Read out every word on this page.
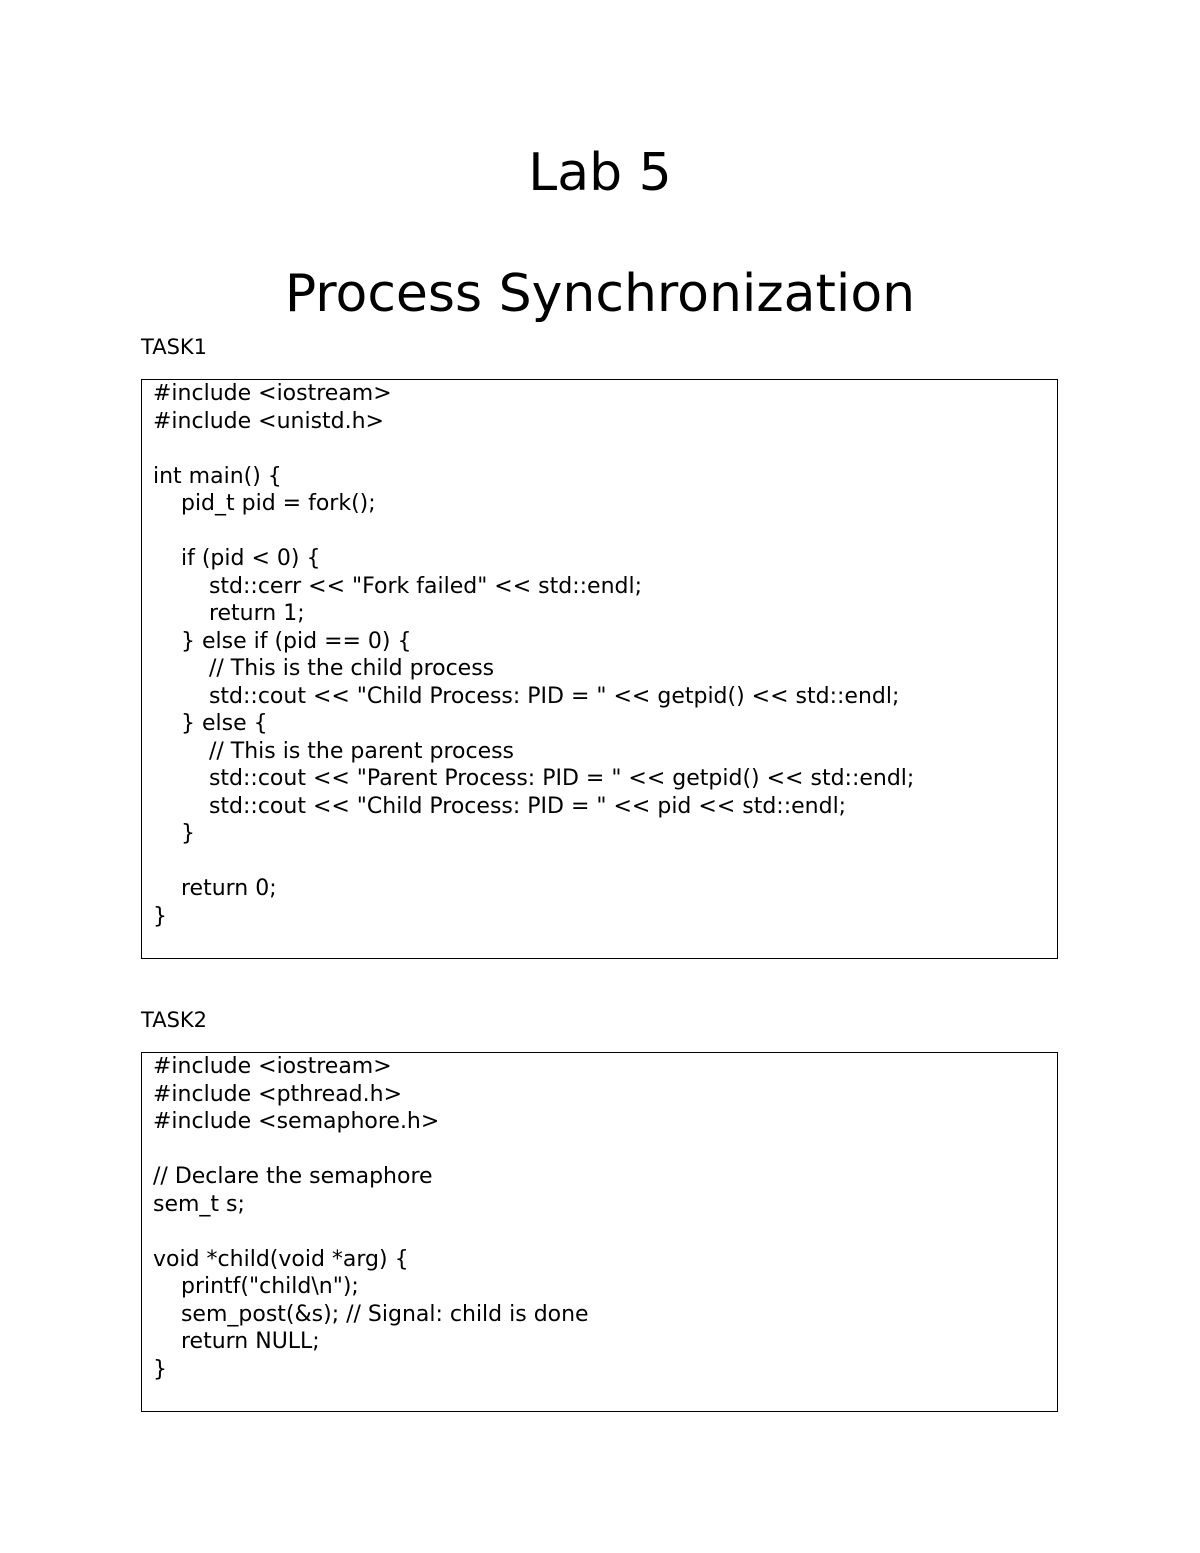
Lab 5
Process Synchronization
TASK1
#include <iostream>
#include <unistd.h>
int main() {
pid_t pid = fork();
if (pid < 0) {
std::cerr << "Fork failed" << std::endl;
return 1;
} else if (pid == 0) {
// This is the child process
std::cout << "Child Process: PID = " << getpid() << std::endl;
} else {
// This is the parent process
std::cout << "Parent Process: PID = " << getpid() << std::endl;
std::cout << "Child Process: PID = " << pid << std::endl;
}
return 0;
}
TASK2
#include <iostream>
#include <pthread.h>
#include <semaphore.h>
// Declare the semaphore
sem_t s;
void *child(void *arg) {
printf("child\n");
sem_post(&s); // Signal: child is done
return NULL;
}
